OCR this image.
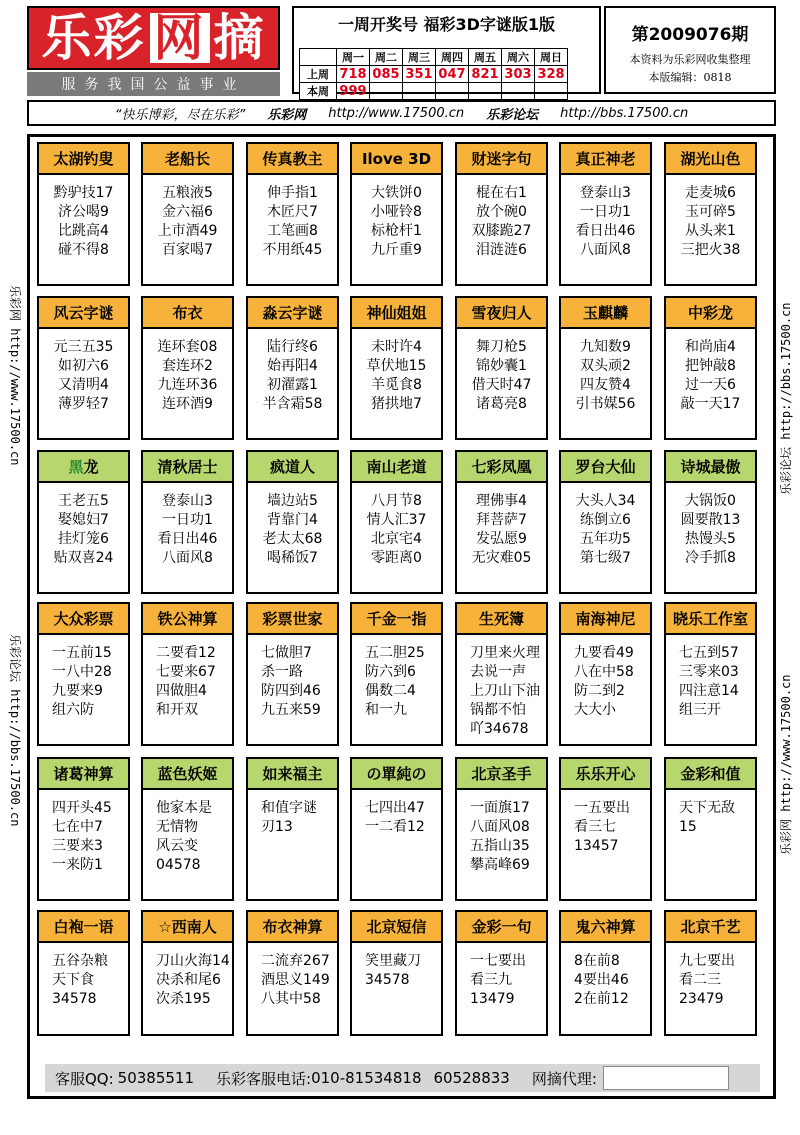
乐 彩 网 摘
服务我国公益事业
一周开奖号 福彩3D字谜版1版
	周一	周二	周三	周四	周五	周六	周日
上周	718	085	351	047	821	303	328
本周	999						
第2009076期
本资料为乐彩网收集整理
本版编辑：0818
“快乐博彩，尽在乐彩” 乐彩网 http://www.17500.cn 乐彩论坛 http://bbs.17500.cn
乐彩网 http://www.17500.cn
乐彩论坛 http://bbs.17500.cn
乐彩论坛 http://bbs.17500.cn
乐彩网 http://www.17500.cn
太湖钓叟
黔驴技17
济公喝9
比跳高4
碰不得8
老船长
五粮液5
金六福6
上市酒49
百家喝7
传真教主
伸手指1
木匠尺7
工笔画8
不用纸45
Ilove 3D
大铁饼0
小哑铃8
标枪杆1
九斤重9
财迷字句
棍在右1
放个碗0
双膝跪27
泪涟涟6
真正神老
登泰山3
一日功1
看日出46
八面风8
湖光山色
走麦城6
玉可碎5
从头来1
三把火38
风云字谜
元三五35
如初六6
又清明4
薄罗轻7
布衣
连环套08
套连环2
九连环36
连环酒9
淼云字谜
陆行终6
始再阳4
初濯露1
半含霜58
神仙姐姐
未时许4
草伏地15
羊觅食8
猪拱地7
雪夜归人
舞刀枪5
锦妙囊1
借天时47
诸葛亮8
玉麒麟
九知数9
双头顽2
四友赞4
引书媒56
中彩龙
和尚庙4
把钟敲8
过一天6
敲一天17
黑 龙
王老五5
娶媳妇7
挂灯笼6
贴双喜24
清秋居士
登泰山3
一日功1
看日出46
八面风8
疯道人
墙边站5
背靠门4
老太太68
喝稀饭7
南山老道
八月节8
情人汇37
北京宅4
零距离0
七彩凤凰
理佛事4
拜菩萨7
发弘愿9
无灾难05
罗台大仙
大头人34
练倒立6
五年功5
第七级7
诗城最傲
大锅饭0
圆要散13
热馒头5
冷手抓8
大众彩票
一五前15
一八中28
九要来9
组六防
铁公神算
二要看12
七要来67
四做胆4
和开双
彩票世家
七做胆7
杀一路
防四到46
九五来59
千金一指
五二胆25
防六到6
偶数二4
和一九
生死簿
刀里来火理
去说一声
上刀山下油
锅都不怕
吖34678
南海神尼
九要看49
八在中58
防二到2
大大小
晓乐工作室
七五到57
三零来03
四注意14
组三开
诸葛神算
四开头45
七在中7
三要来3
一来防1
蓝色妖姬
他家本是
无情物
风云变
04578
如来福主
和值字谜
刃13
の單純の
七四出47
一二看12
北京圣手
一面旗17
八面风08
五指山35
攀高峰69
乐乐开心
一五要出
看三七
13457
金彩和值
天下无敌
15
白袍一语
五谷杂粮
天下食
34578
☆西南人
刀山火海14
决杀和尾6
次杀195
布衣神算
二流弃267
酒思义149
八其中58
北京短信
笑里藏刀
34578
金彩一句
一七要出
看三九
13479
鬼六神算
8在前8
4要出46
2在前12
北京千艺
九七要出
看二三
23479
客服QQ: 50385511 乐彩客服电话: 010-81534818 60528833 网摘代理:
